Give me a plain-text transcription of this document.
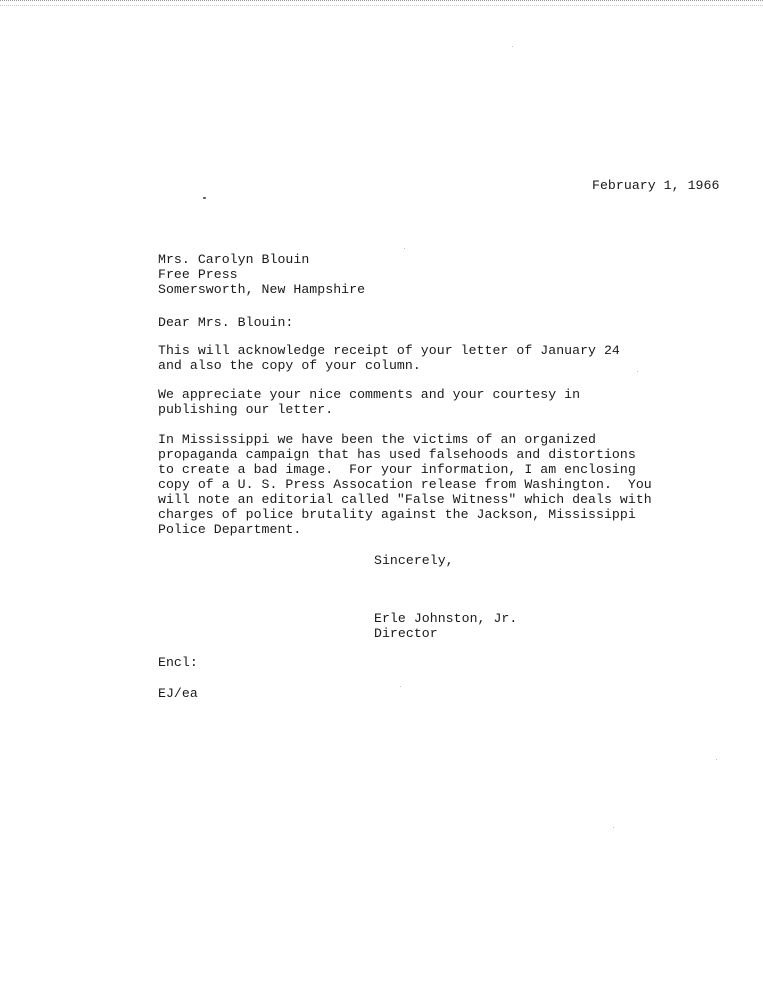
February 1, 1966
Mrs. Carolyn Blouin
Free Press
Somersworth, New Hampshire
Dear Mrs. Blouin:
This will acknowledge receipt of your letter of January 24
and also the copy of your column.
We appreciate your nice comments and your courtesy in
publishing our letter.
In Mississippi we have been the victims of an organized
propaganda campaign that has used falsehoods and distortions
to create a bad image.  For your information, I am enclosing
copy of a U. S. Press Assocation release from Washington.  You
will note an editorial called "False Witness" which deals with
charges of police brutality against the Jackson, Mississippi
Police Department.
Sincerely,
Erle Johnston, Jr.
Director
Encl:
EJ/ea
